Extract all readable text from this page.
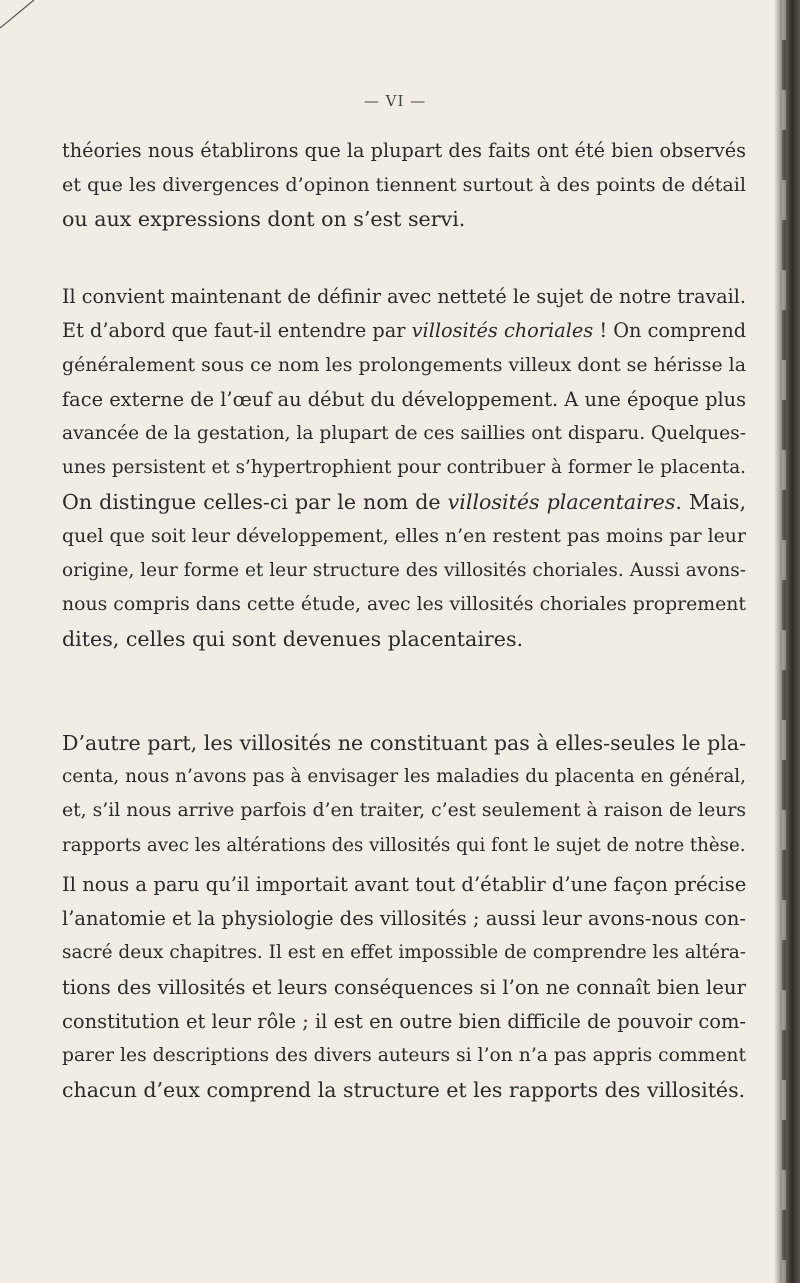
— VI —
théories nous établirons que la plupart des faits ont été bien observés
et que les divergences d’opinon tiennent surtout à des points de détail
ou aux expressions dont on s’est servi.
Il convient maintenant de définir avec netteté le sujet de notre travail.
Et d’abord que faut-il entendre par villosités choriales ! On comprend
généralement sous ce nom les prolongements villeux dont se hérisse la
face externe de l’œuf au début du développement. A une époque plus
avancée de la gestation, la plupart de ces saillies ont disparu. Quelques-
unes persistent et s’hypertrophient pour contribuer à former le placenta.
On distingue celles-ci par le nom de villosités placentaires. Mais,
quel que soit leur développement, elles n’en restent pas moins par leur
origine, leur forme et leur structure des villosités choriales. Aussi avons-
nous compris dans cette étude, avec les villosités choriales proprement
dites, celles qui sont devenues placentaires.
D’autre part, les villosités ne constituant pas à elles-seules le pla-
centa, nous n’avons pas à envisager les maladies du placenta en général,
et, s’il nous arrive parfois d’en traiter, c’est seulement à raison de leurs
rapports avec les altérations des villosités qui font le sujet de notre thèse.
Il nous a paru qu’il importait avant tout d’établir d’une façon précise
l’anatomie et la physiologie des villosités ; aussi leur avons-nous con-
sacré deux chapitres. Il est en effet impossible de comprendre les altéra-
tions des villosités et leurs conséquences si l’on ne connaît bien leur
constitution et leur rôle ; il est en outre bien difficile de pouvoir com-
parer les descriptions des divers auteurs si l’on n’a pas appris comment
chacun d’eux comprend la structure et les rapports des villosités.
